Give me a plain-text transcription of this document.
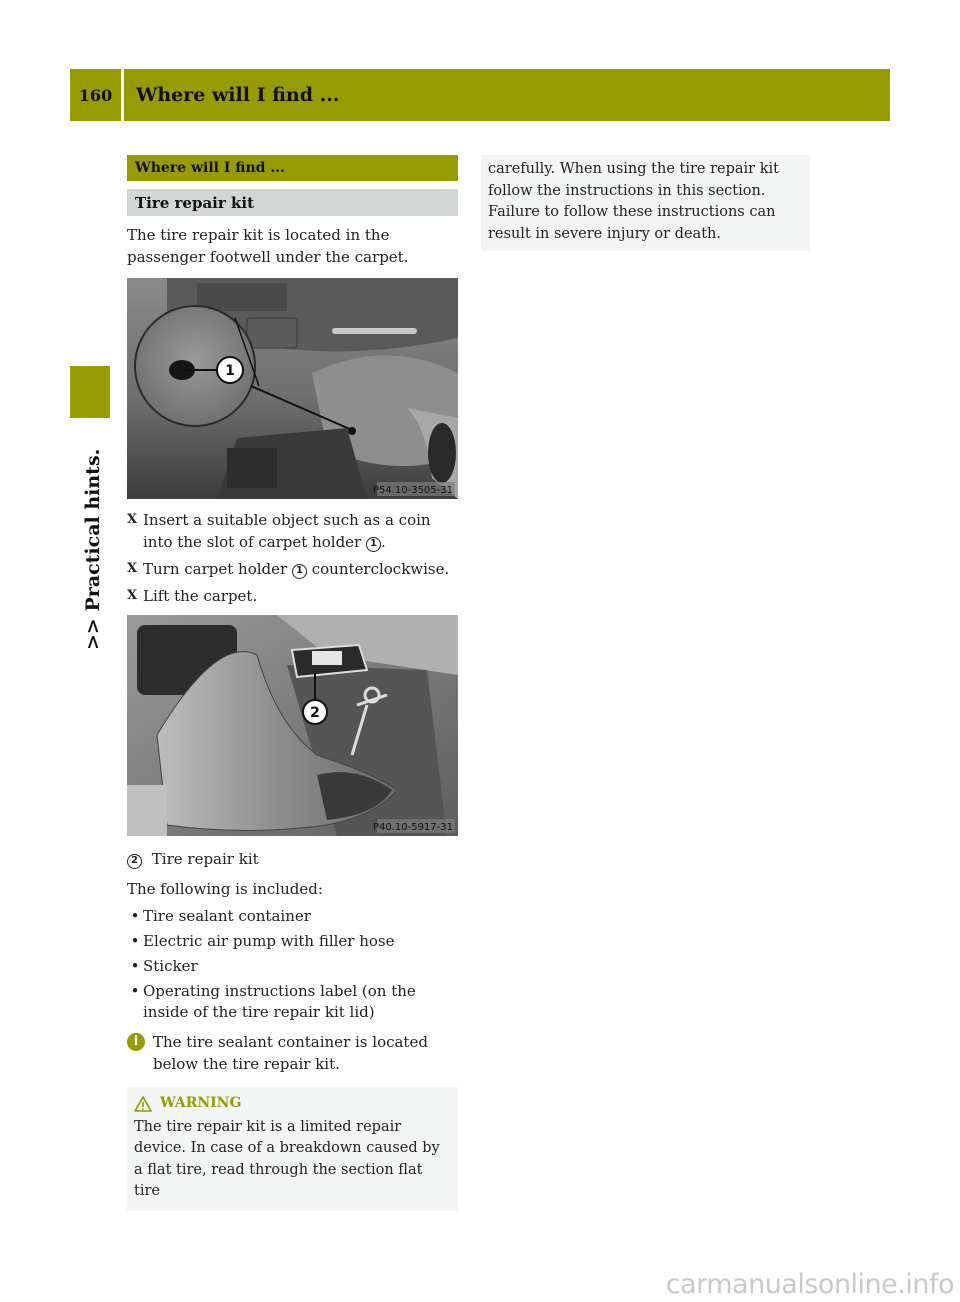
160	Where will I find ...
>> Practical hints.
Where will I find ...
Tire repair kit

The tire repair kit is located in the passenger footwell under the carpet.

1
P54.10-3505-31
X Insert a suitable object such as a coin into the slot of carpet holder 1 .
X Turn carpet holder 1 counterclockwise.
X Lift the carpet.
2
P40.10-5917-31
2 Tire repair kit

The following is included:

• Tire sealant container
• Electric air pump with filler hose
• Sticker
• Operating instructions label (on the inside of the tire repair kit lid)
i The tire sealant container is located below the tire repair kit.
WARNING
The tire repair kit is a limited repair device. In case of a breakdown caused by a flat tire, read through the section flat tire
carefully. When using the tire repair kit follow the instructions in this section. Failure to follow these instructions can result in severe injury or death.
carmanualsonline.info
